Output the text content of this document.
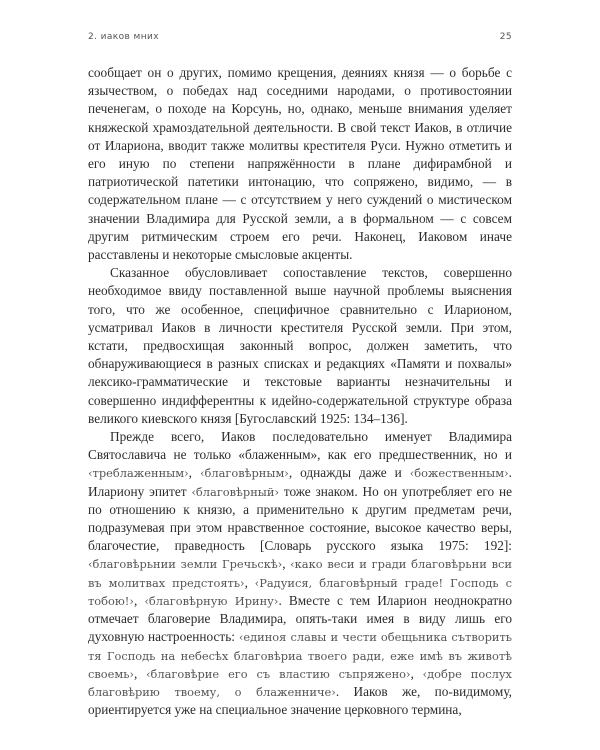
2. иаков мних	25

сообщает он о других, помимо крещения, деяниях князя — о борьбе с язычеством, о победах над соседними народами, о противостоянии печенегам, о походе на Корсунь, но, однако, меньше внимания уделяет княжеской храмоздательной деятельности. В свой текст Иаков, в отличие от Илариона, вводит также молитвы крестителя Руси. Нужно отметить и его иную по степени напряжённости в плане дифирамбной и патриотической патетики интонацию, что сопряжено, видимо, — в содержательном плане — с отсутствием у него суждений о мистическом значении Владимира для Русской земли, а в формальном — с совсем другим ритмическим строем его речи. Наконец, Иаковом иначе расставлены и некоторые смысловые акценты.

Сказанное обусловливает сопоставление текстов, совершенно необходимое ввиду поставленной выше научной проблемы выяснения того, что же особенное, специфичное сравнительно с Иларионом, усматривал Иаков в личности крестителя Русской земли. При этом, кстати, предвосхищая законный вопрос, должен заметить, что обнаруживающиеся в разных списках и редакциях «Памяти и похвалы» лексико-грамматические и текстовые варианты незначительны и совершенно индифферентны к идейно-содержательной структуре образа великого киевского князя [Бугославский 1925: 134–136].

Прежде всего, Иаков последовательно именует Владимира Святославича не только «блаженным», как его предшественник, но и ‹треблаженным›, ‹благовѣрным›, однажды даже и ‹божественным›. Илариону эпитет ‹благовѣрный› тоже знаком. Но он употребляет его не по отношению к князю, а применительно к другим предметам речи, подразумевая при этом нравственное состояние, высокое качество веры, благочестие, праведность [Словарь русского языка 1975: 192]: ‹благовѣрьнии земли Гречьскѣ›, ‹како веси и гради благовѣрьни вси въ молитвах предстоять›, ‹Радуися, благовѣрный граде! Господь с тобою!›, ‹благовѣрную Ирину›. Вместе с тем Иларион неоднократно отмечает благоверие Владимира, опять-таки имея в виду лишь его духовную настроенность: ‹единоя славы и чести обещьника сътворить тя Господь на небесѣх благовѣриа твоего ради, еже имѣ въ животѣ своемь›, ‹благовѣрие его съ властию съпряжено›, ‹добре послух благовѣрию твоему, о блаженниче›. Иаков же, по-видимому, ориентируется уже на специальное значение церковного термина,
